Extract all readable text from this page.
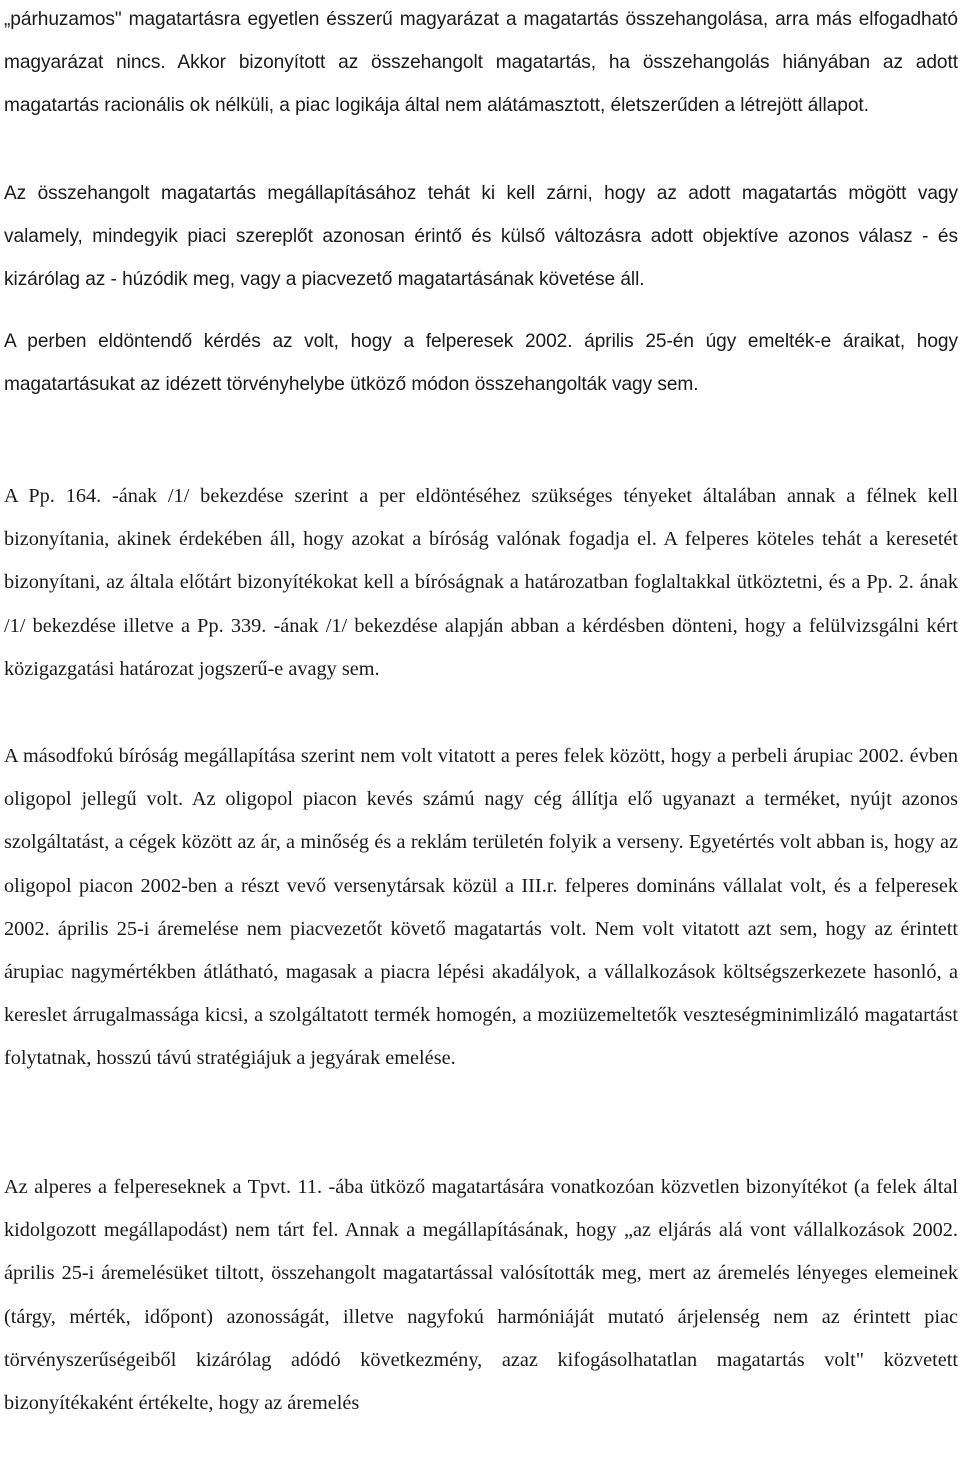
„párhuzamos" magatartásra egyetlen ésszerű magyarázat a magatartás összehangolása, arra más elfogadható magyarázat nincs. Akkor bizonyított az összehangolt magatartás, ha összehangolás hiányában az adott magatartás racionális ok nélküli, a piac logikája által nem alátámasztott, életszerűden a létrejött állapot.

Az összehangolt magatartás megállapításához tehát ki kell zárni, hogy az adott magatartás mögött vagy valamely, mindegyik piaci szereplőt azonosan érintő és külső változásra adott objektíve azonos válasz - és kizárólag az - húzódik meg, vagy a piacvezető magatartásának követése áll.

A perben eldöntendő kérdés az volt, hogy a felperesek 2002. április 25-én úgy emelték-e áraikat, hogy magatartásukat az idézett törvényhelybe ütköző módon összehangolták vagy sem.

A Pp. 164. -ának /1/ bekezdése szerint a per eldöntéséhez szükséges tényeket általában annak a félnek kell bizonyítania, akinek érdekében áll, hogy azokat a bíróság valónak fogadja el. A felperes köteles tehát a keresetét bizonyítani, az általa előtárt bizonyítékokat kell a bíróságnak a határozatban foglaltakkal ütköztetni, és a Pp. 2. ának /1/ bekezdése illetve a Pp. 339. -ának /1/ bekezdése alapján abban a kérdésben dönteni, hogy a felülvizsgálni kért közigazgatási határozat jogszerű-e avagy sem.

A másodfokú bíróság megállapítása szerint nem volt vitatott a peres felek között, hogy a perbeli árupiac 2002. évben oligopol jellegű volt. Az oligopol piacon kevés számú nagy cég állítja elő ugyanazt a terméket, nyújt azonos szolgáltatást, a cégek között az ár, a minőség és a reklám területén folyik a verseny. Egyetértés volt abban is, hogy az oligopol piacon 2002-ben a részt vevő versenytársak közül a III.r. felperes domináns vállalat volt, és a felperesek 2002. április 25-i áremelése nem piacvezetőt követő magatartás volt. Nem volt vitatott azt sem, hogy az érintett árupiac nagymértékben átlátható, magasak a piacra lépési akadályok, a vállalkozások költségszerkezete hasonló, a kereslet árrugalmassága kicsi, a szolgáltatott termék homogén, a moziüzemeltetők veszteségminimlizáló magatartást folytatnak, hosszú távú stratégiájuk a jegyárak emelése.

Az alperes a felpereseknek a Tpvt. 11. -ába ütköző magatartására vonatkozóan közvetlen bizonyítékot (a felek által kidolgozott megállapodást) nem tárt fel. Annak a megállapításának, hogy „az eljárás alá vont vállalkozások 2002. április 25-i áremelésüket tiltott, összehangolt magatartással valósították meg, mert az áremelés lényeges elemeinek (tárgy, mérték, időpont) azonosságát, illetve nagyfokú harmóniáját mutató árjelenség nem az érintett piac törvényszerűségeiből kizárólag adódó következmény, azaz kifogásolhatatlan magatartás volt" közvetett bizonyítékaként értékelte, hogy az áremelés
